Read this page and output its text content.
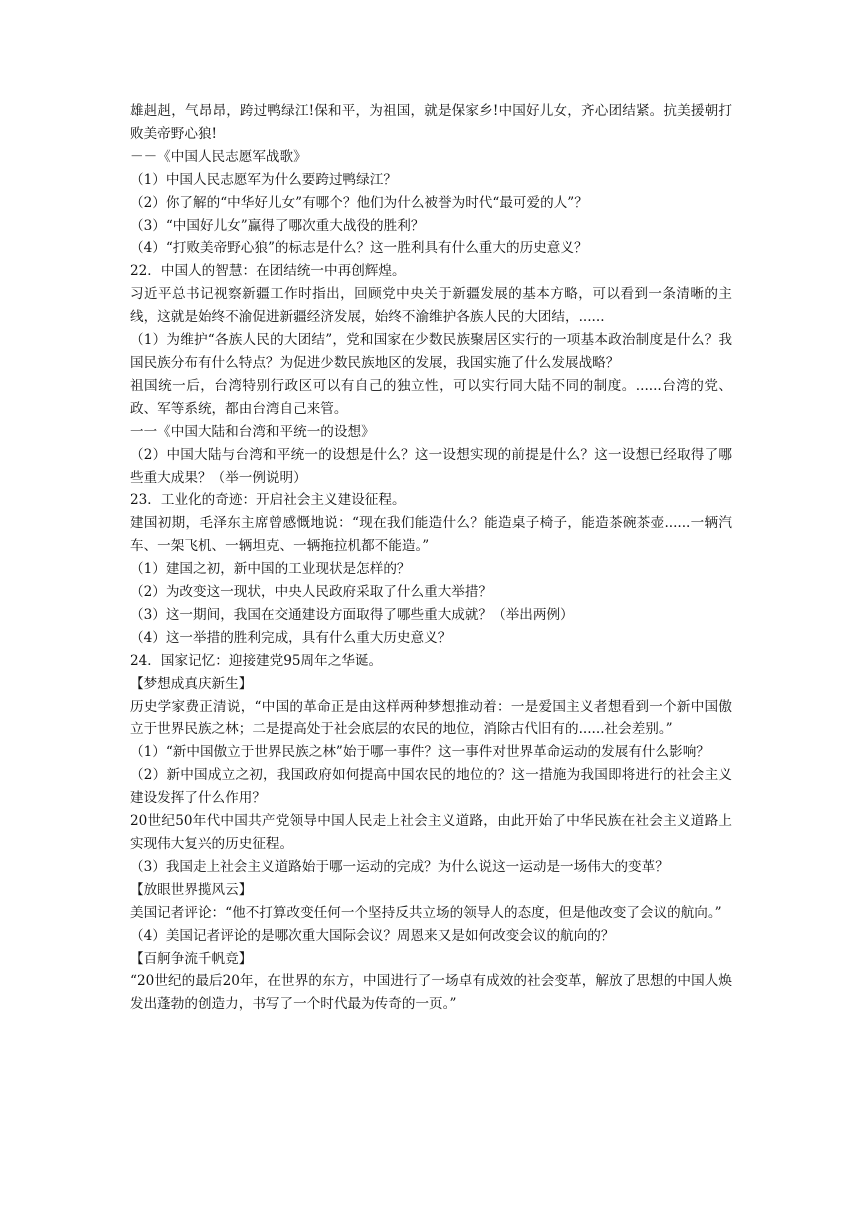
雄赳赳，气昂昂，跨过鸭绿江!保和平，为祖国，就是保家乡!中国好儿女，齐心团结紧。抗美援朝打败美帝野心狼!

－－《中国人民志愿军战歌》

（1）中国人民志愿军为什么要跨过鸭绿江？

（2）你了解的“中华好儿女”有哪个？他们为什么被誉为时代“最可爱的人”？

（3）“中国好儿女”赢得了哪次重大战役的胜利？

（4）“打败美帝野心狼”的标志是什么？这一胜利具有什么重大的历史意义？

22．中国人的智慧：在团结统一中再创辉煌。

习近平总书记视察新疆工作时指出，回顾党中央关于新疆发展的基本方略，可以看到一条清晰的主线，这就是始终不渝促进新疆经济发展，始终不渝维护各族人民的大团结，......

（1）为维护“各族人民的大团结”，党和国家在少数民族聚居区实行的一项基本政治制度是什么？我国民族分布有什么特点？为促进少数民族地区的发展，我国实施了什么发展战略？

祖国统一后，台湾特别行政区可以有自己的独立性，可以实行同大陆不同的制度。......台湾的党、政、军等系统，都由台湾自己来管。

一一《中国大陆和台湾和平统一的设想》

（2）中国大陆与台湾和平统一的设想是什么？这一设想实现的前提是什么？这一设想已经取得了哪些重大成果？（举一例说明）

23．工业化的奇迹：开启社会主义建设征程。

建国初期，毛泽东主席曾感慨地说：“现在我们能造什么？能造桌子椅子，能造茶碗茶壶......一辆汽车、一架飞机、一辆坦克、一辆拖拉机都不能造。”

（1）建国之初，新中国的工业现状是怎样的？

（2）为改变这一现状，中央人民政府采取了什么重大举措？

（3）这一期间，我国在交通建设方面取得了哪些重大成就？（举出两例）

（4）这一举措的胜利完成，具有什么重大历史意义？

24．国家记忆：迎接建党95周年之华诞。

【梦想成真庆新生】

历史学家费正清说，“中国的革命正是由这样两种梦想推动着：一是爱国主义者想看到一个新中国傲立于世界民族之林；二是提高处于社会底层的农民的地位，消除古代旧有的......社会差别。”

（1）“新中国傲立于世界民族之林”始于哪一事件？这一事件对世界革命运动的发展有什么影响？

（2）新中国成立之初，我国政府如何提高中国农民的地位的？这一措施为我国即将进行的社会主义建设发挥了什么作用？

20世纪50年代中国共产党领导中国人民走上社会主义道路，由此开始了中华民族在社会主义道路上实现伟大复兴的历史征程。

（3）我国走上社会主义道路始于哪一运动的完成？为什么说这一运动是一场伟大的变革？

【放眼世界揽风云】

美国记者评论：“他不打算改变任何一个坚持反共立场的领导人的态度，但是他改变了会议的航向。”

（4）美国记者评论的是哪次重大国际会议？周恩来又是如何改变会议的航向的？

【百舸争流千帆竞】

“20世纪的最后20年，在世界的东方，中国进行了一场卓有成效的社会变革，解放了思想的中国人焕发出蓬勃的创造力，书写了一个时代最为传奇的一页。”
